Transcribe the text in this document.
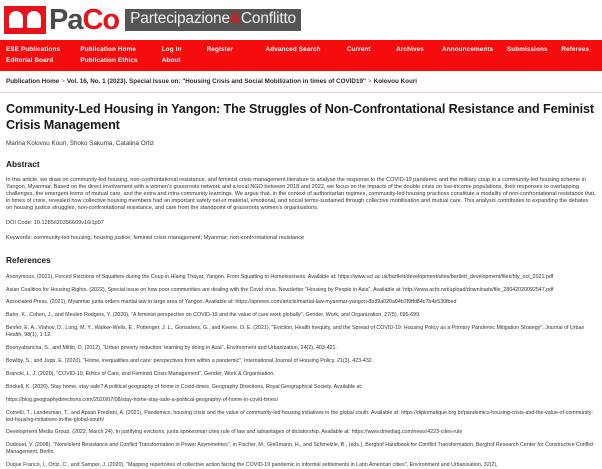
PaCo Partecipazione&Conflitto
ESE Publications
Editorial Board
Publication Home
Publication Ethics
Log In
About
Register	Advanced Search	Current	Archives	Announcements	Submissions	Referees
Publication Home > Vol. 16, No. 1 (2023). Special Issue on: "Housing Crisis and Social Mobilization in times of COVID19" > Kolovou Kouri
Community-Led Housing in Yangon: The Struggles of Non-Confrontational Resistance and Feminist Crisis Management
Marina Kolovou Kouri, Shoko Sakuma, Catalina Ortiz
Abstract

In this article, we draw on community-led housing, non-confrontational resistance, and feminist crisis management literature to analyse the response to the COVID-19 pandemic and the military coup in a community-led housing scheme in Yangon, Myanmar. Based on the direct involvement with a women's grassroots network and a local NGO between 2018 and 2022, we focus on the impacts of the double crisis on low-income populations, their responses to overlapping challenges, the emergent forms of mutual care, and the extra and intra-community learnings. We argue that, in the context of authoritarian regimes, community-led housing practices constitute a modality of non-confrontational resistance that, in times of crisis, revealed how collective housing members had an important safety net-in material, emotional, and social terms-sustained through collective mobilisation and mutual care. This analysis contributes to expanding the debates on housing justice struggles, non-confrontational resistance, and care from the standpoint of grassroots women's organisations.

DOI Code: 10.1285/i20356609v16i1p07
Keywords: community-led housing; housing justice; feminist crisis management; Myanmar; non-confrontational resistance
References

Anonymous. (2021), Forced Evictions of Squatters during the Coup in Hlaing Thayar, Yangon. From Squatting to Homelessness. Available at: https://www.ucl.ac.uk/bartlett/development/sites/bartlett_development/files/hty_oct_2021.pdf

Asian Coalition for Housing Rights. (2022), Special issue on how poor communities are dealing with the Covid virus. Newsletter "Housing by People in Asia". Available at: http://www.achr.net/upload/downloads/file_28042020092547.pdf

Associated Press. (2021), Myanmar junta orders martial law in large area of Yangon. Available at: https://apnews.com/article/martial-law-myanmar-yangon-8b39a020a04b7f9ffd84c7b4e530fbed

Bahn, K., Cohen, J., and Meulen Rodgers, Y. (2020), "A feminist perspective on COVID-19 and the value of care work globally", Gender, Work, and Organization, 27(5), 695-699.

Benfer, E. A., Vlahov, D., Long, M. Y., Walker-Wells, E., Pottenger, J. L., Gonsalves, G., and Keene, D. E. (2021), "Eviction, Health Inequity, and the Spread of COVID-19: Housing Policy as a Primary Pandemic Mitigation Strategy", Journal of Urban Health, 98(1), 1-12.

Boonyabancha, S., and Mitlin, D. (2012), "Urban poverty reduction: learning by doing in Asia", Environment and Urbanization, 24(2), 403-421.

Bowlby, S., and Jupp, E. (2020), "Home, inequalities and care: perspectives from within a pandemic", International Journal of Housing Policy, 21(3), 423-432.

Brancki, L. J. (2020), "COVID-19, Ethics of Care, and Feminist Crisis Management", Gender, Work & Organisation.

Brickell, K. (2020), Stay home, stay safe? A political geography of home in Covid-times. Geography Directions, Royal Geographical Society. Available at:

https://blog.geographydirections.com/2020/07/08/stay-home-stay-safe-a-political-geography-of-home-in-covid-times/

Comelli, T., Landesman, T., and Apsan Frediani, A. (2021), Pandemics, housing crisis and the value of community-led housing initiatives in the global south. Available at: https://diplomatique.org.br/pandemics-housing-crisis-and-the-value-of-community-led-housing-initiatives-in-the-global-south/

Development Media Group. (2022, March 24), In justifying evictions, junta spokesman cites rule of law and advantages of dictatorship. Available at: https://www.dmediag.com/news/4223-cites-rule

Dudouet, V. (2008), "Nonviolent Resistance and Conflict Transformation in Power Asymmetries", in Fischer, M., Gießmann, H., and Schmelzle, B., (eds.), Berghof Handbook for Conflict Transformation, Berghof Research Center for Constructive Conflict Management, Berlin.

Duque Franco, I., Ortiz, C., and Samper, J. (2020), "Mapping repertoires of collective action facing the COVID-19 pandemic in informal settlements in Latin American cities", Environment and Urbanisation, 32(2),
